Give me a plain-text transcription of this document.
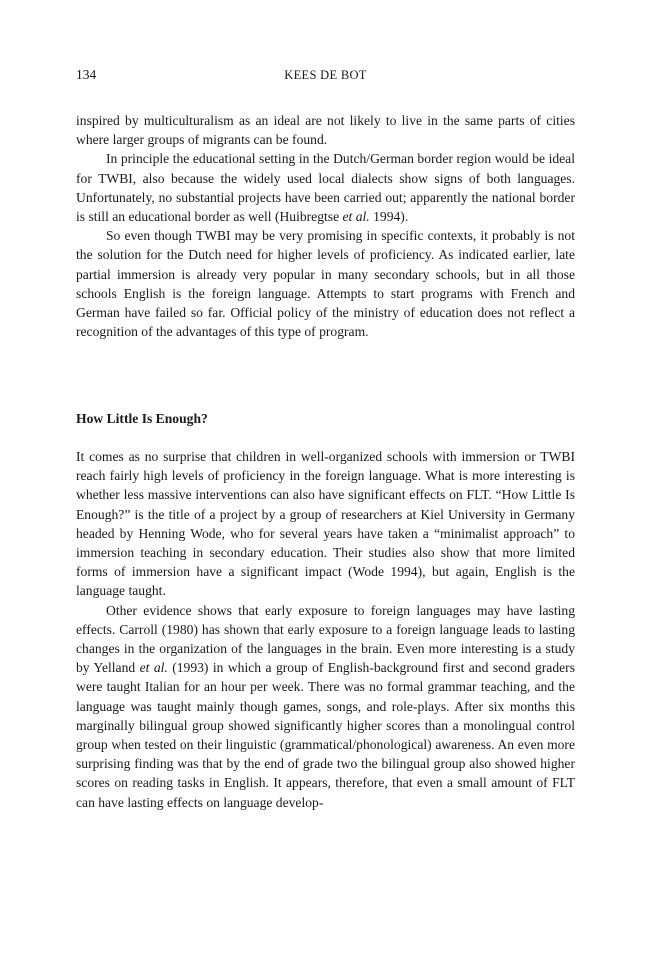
134	KEES DE BOT

inspired by multiculturalism as an ideal are not likely to live in the same parts of cities where larger groups of migrants can be found.

In principle the educational setting in the Dutch/German border region would be ideal for TWBI, also because the widely used local dialects show signs of both languages. Unfortunately, no substantial projects have been carried out; apparently the national border is still an educational border as well (Huibregtse et al. 1994).

So even though TWBI may be very promising in specific contexts, it probably is not the solution for the Dutch need for higher levels of proficiency. As indicated earlier, late partial immersion is already very popular in many secondary schools, but in all those schools English is the foreign language. Attempts to start programs with French and German have failed so far. Official policy of the ministry of education does not reflect a recognition of the advantages of this type of program.

How Little Is Enough?

It comes as no surprise that children in well-organized schools with immersion or TWBI reach fairly high levels of proficiency in the foreign language. What is more interesting is whether less massive interventions can also have significant effects on FLT. “How Little Is Enough?” is the title of a project by a group of researchers at Kiel University in Germany headed by Henning Wode, who for several years have taken a “minimalist approach” to immersion teaching in secondary education. Their studies also show that more limited forms of immersion have a significant impact (Wode 1994), but again, English is the language taught.

Other evidence shows that early exposure to foreign languages may have lasting effects. Carroll (1980) has shown that early exposure to a foreign language leads to lasting changes in the organization of the languages in the brain. Even more interesting is a study by Yelland et al. (1993) in which a group of English-background first and second graders were taught Italian for an hour per week. There was no formal grammar teaching, and the language was taught mainly though games, songs, and role-plays. After six months this marginally bilingual group showed significantly higher scores than a monolingual control group when tested on their linguistic (grammatical/phonological) awareness. An even more surprising finding was that by the end of grade two the bilingual group also showed higher scores on reading tasks in English. It appears, therefore, that even a small amount of FLT can have lasting effects on language develop-
